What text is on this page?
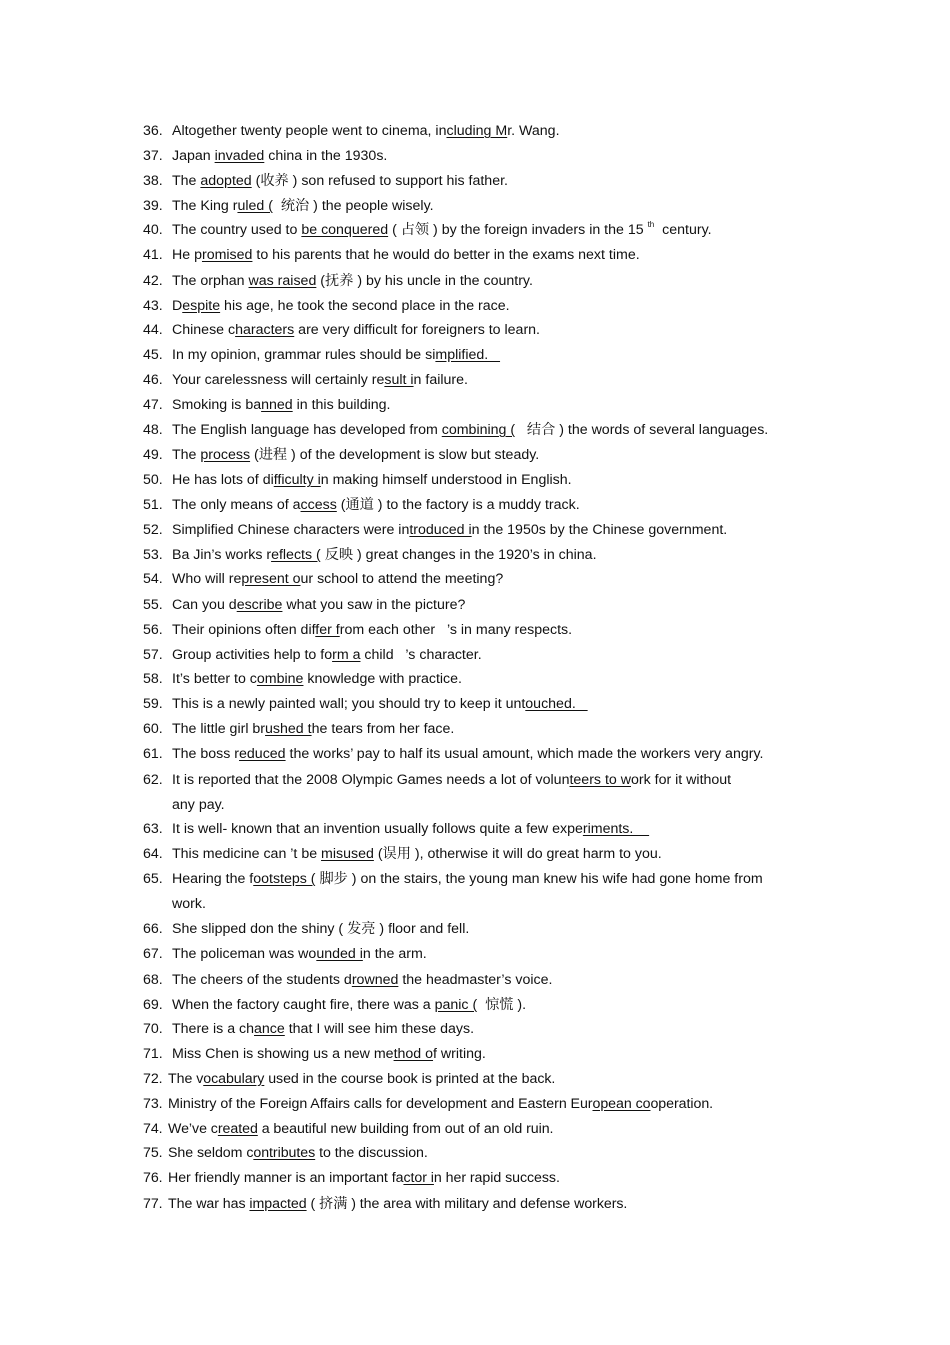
36. Altogether twenty people went to cinema, including Mr. Wang.
37. Japan invaded china in the 1930s.
38. The adopted (收养 ) son refused to support his father.
39. The King ruled (  统治 ) the people wisely.
40. The country used to be conquered ( 占领 ) by the foreign invaders in the 15 $^{th}$  century.
41. He promised to his parents that he would do better in the exams next time.
42. The orphan was raised (抚养 ) by his uncle in the country.
43. Despite his age, he took the second place in the race.
44. Chinese characters are very difficult for foreigners to learn.
45. In my opinion, grammar rules should be simplified.
46. Your carelessness will certainly result in failure.
47. Smoking is banned in this building.
48. The English language has developed from combining (   结合 ) the words of several languages.
49. The process (进程 ) of the development is slow but steady.
50. He has lots of difficulty in making himself understood in English.
51. The only means of access (通道 ) to the factory is a muddy track.
52. Simplified Chinese characters were introduced in the 1950s by the Chinese government.
53. Ba Jin’s works reflects ( 反映 ) great changes in the 1920’s in china.
54. Who will represent our school to attend the meeting?
55. Can you describe what you saw in the picture?
56. Their opinions often differ from each other   ’s in many respects.
57. Group activities help to form a child   ’s character.
58. It’s better to combine knowledge with practice.
59. This is a newly painted wall; you should try to keep it untouched.
60. The little girl brushed the tears from her face.
61. The boss reduced the works’ pay to half its usual amount, which made the workers very angry.
62. It is reported that the 2008 Olympic Games needs a lot of volunteers to work for it without
any pay.
63. It is well- known that an invention usually follows quite a few experiments.
64. This medicine can ’t be misused (误用 ), otherwise it will do great harm to you.
65. Hearing the footsteps ( 脚步 ) on the stairs, the young man knew his wife had gone home from
work.
66. She slipped don the shiny ( 发亮 ) floor and fell.
67. The policeman was wounded in the arm.
68. The cheers of the students drowned the headmaster’s voice.
69. When the factory caught fire, there was a panic (  惊慌 ).
70. There is a chance that I will see him these days.
71. Miss Chen is showing us a new method of writing.
72. The vocabulary used in the course book is printed at the back.
73. Ministry of the Foreign Affairs calls for development and Eastern European cooperation.
74. We’ve created a beautiful new building from out of an old ruin.
75. She seldom contributes to the discussion.
76. Her friendly manner is an important factor in her rapid success.
77. The war has impacted ( 挤满 ) the area with military and defense workers.
